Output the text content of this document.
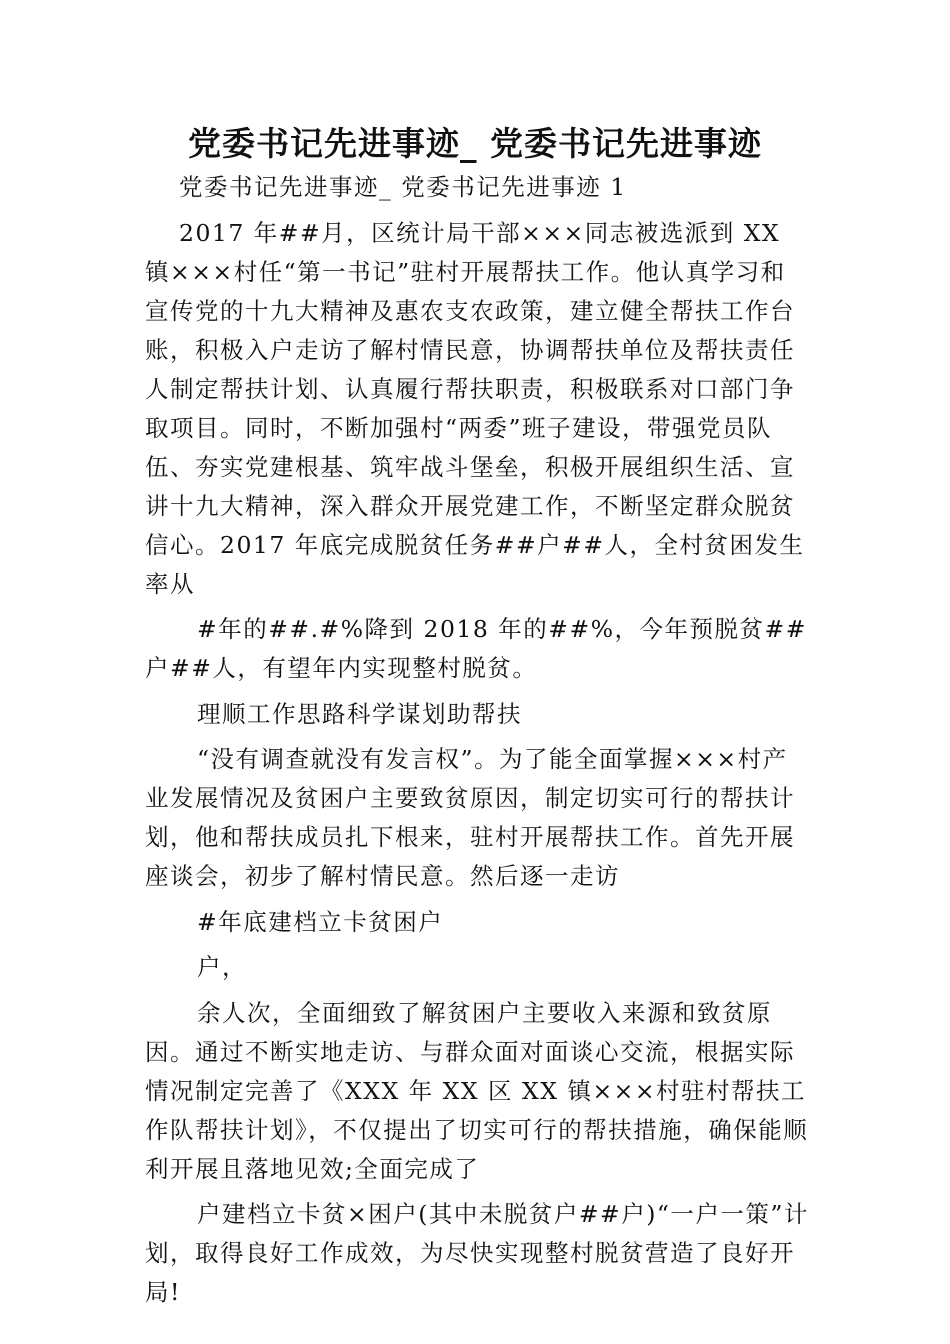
党委书记先进事迹_ 党委书记先进事迹

党委书记先进事迹_ 党委书记先进事迹 1

2017 年##月，区统计局干部×××同志被选派到 XX 镇×××村任“第一书记”驻村开展帮扶工作。他认真学习和宣传党的十九大精神及惠农支农政策，建立健全帮扶工作台账，积极入户走访了解村情民意，协调帮扶单位及帮扶责任人制定帮扶计划、认真履行帮扶职责，积极联系对口部门争取项目。同时，不断加强村“两委”班子建设，带强党员队伍、夯实党建根基、筑牢战斗堡垒，积极开展组织生活、宣讲十九大精神，深入群众开展党建工作，不断坚定群众脱贫信心。2017 年底完成脱贫任务##户##人，全村贫困发生率从

#年的##.#%降到 2018 年的##%，今年预脱贫##户##人，有望年内实现整村脱贫。

理顺工作思路科学谋划助帮扶

“没有调查就没有发言权”。为了能全面掌握×××村产业发展情况及贫困户主要致贫原因，制定切实可行的帮扶计划，他和帮扶成员扎下根来，驻村开展帮扶工作。首先开展座谈会，初步了解村情民意。然后逐一走访

#年底建档立卡贫困户

户，

余人次，全面细致了解贫困户主要收入来源和致贫原因。通过不断实地走访、与群众面对面谈心交流，根据实际情况制定完善了《XXX 年 XX 区 XX 镇×××村驻村帮扶工作队帮扶计划》，不仅提出了切实可行的帮扶措施，确保能顺利开展且落地见效;全面完成了

户建档立卡贫×困户(其中未脱贫户##户)“一户一策”计划，取得良好工作成效，为尽快实现整村脱贫营造了良好开局!
